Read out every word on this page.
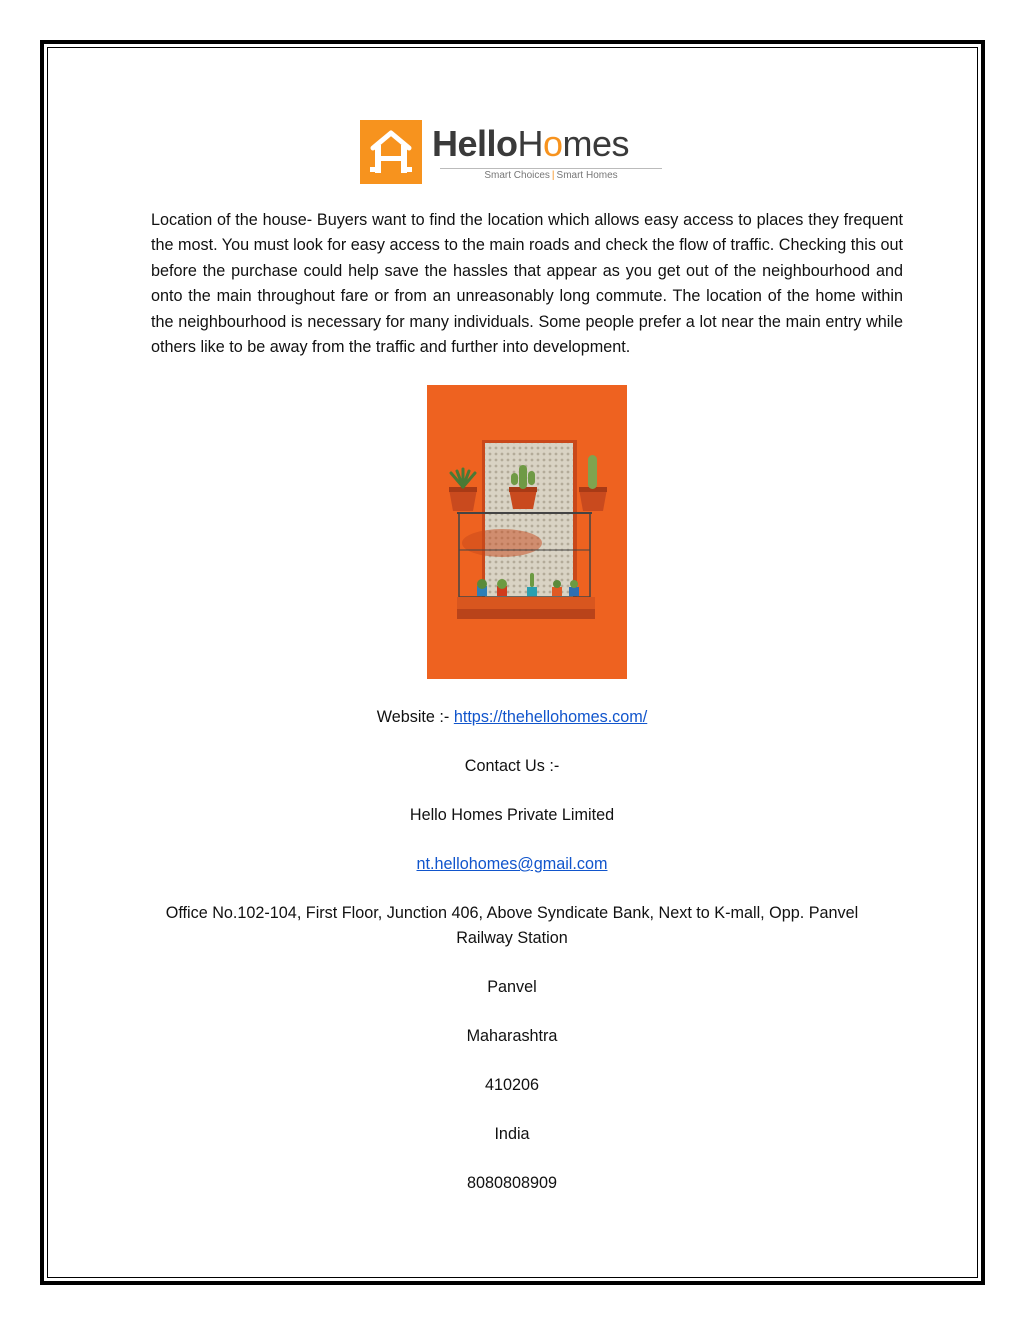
HelloHomes
Smart Choices | Smart Homes

Location of the house- Buyers want to find the location which allows easy access to places they frequent the most. You must look for easy access to the main roads and check the flow of traffic. Checking this out before the purchase could help save the hassles that appear as you get out of the neighbourhood and onto the main throughout fare or from an unreasonably long commute. The location of the home within the neighbourhood is necessary for many individuals. Some people prefer a lot near the main entry while others like to be away from the traffic and further into development.

Website :- https://thehellohomes.com/

Contact Us :-

Hello Homes Private Limited

nt.hellohomes@gmail.com

Office No.102-104, First Floor, Junction 406, Above Syndicate Bank, Next to K-mall, Opp. Panvel

Railway Station

Panvel

Maharashtra

410206

India

8080808909
